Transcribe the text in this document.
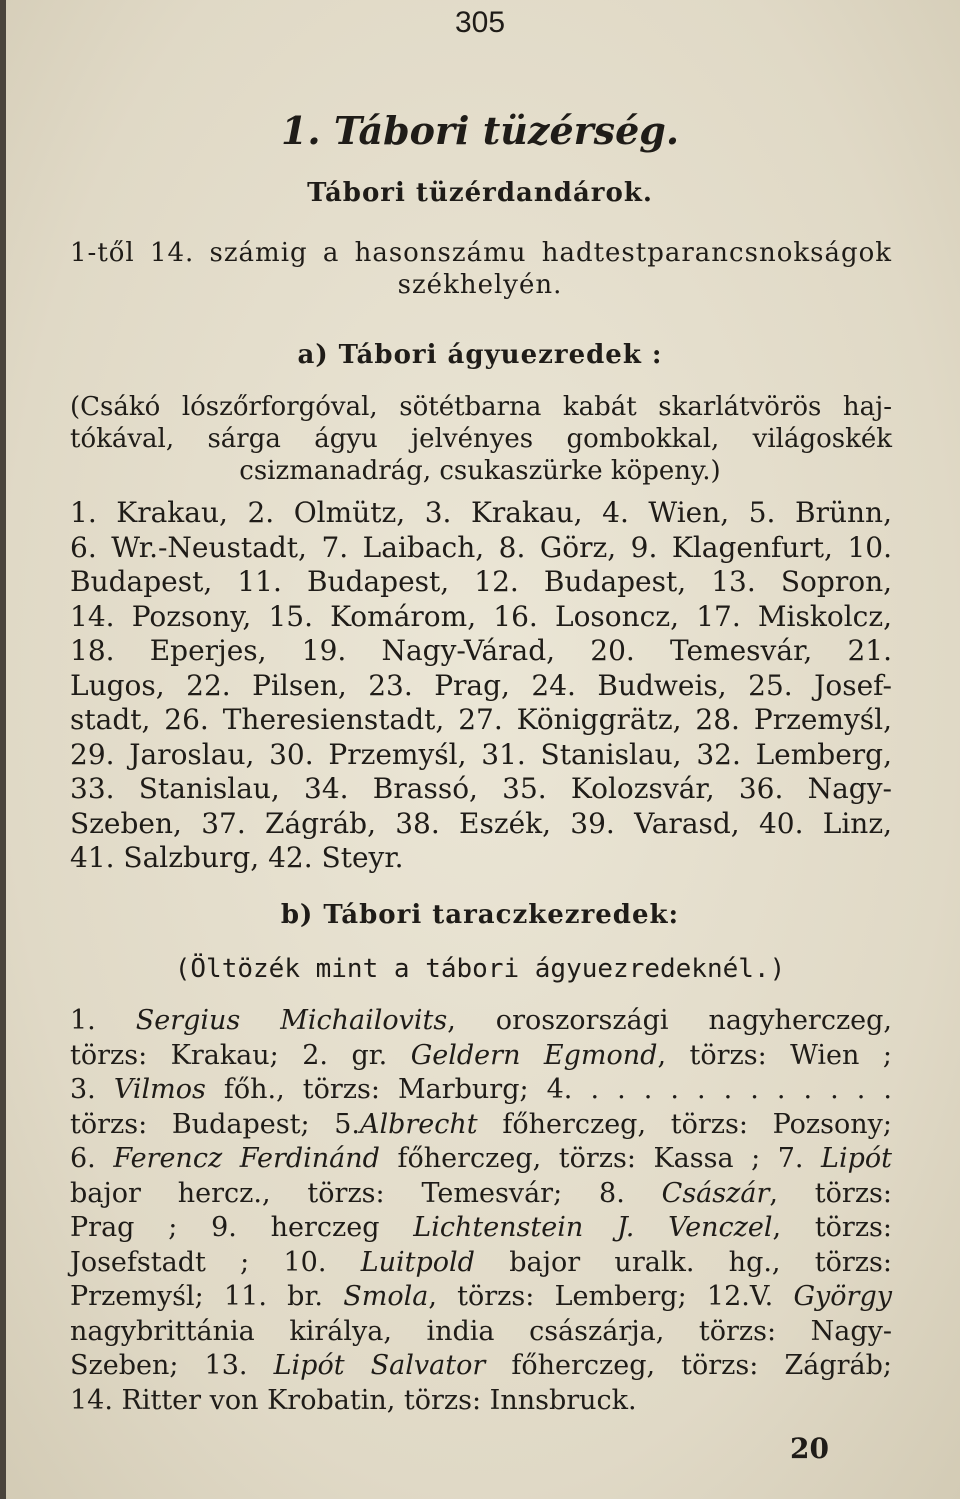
305
1. Tábori tüzérség.
Tábori tüzérdandárok.
1-től 14. számig a hasonszámu hadtestparancsnokságok
székhelyén.
a) Tábori ágyuezredek :
(Csákó lószőrforgóval, sötétbarna kabát skarlátvörös haj-
tókával, sárga ágyu jelvényes gombokkal, világoskék
csizmanadrág, csukaszürke köpeny.)
1. Krakau, 2. Olmütz, 3. Krakau, 4. Wien, 5. Brünn,
6. Wr.-Neustadt, 7. Laibach, 8. Görz, 9. Klagenfurt, 10.
Budapest, 11. Budapest, 12. Budapest, 13. Sopron,
14. Pozsony, 15. Komárom, 16. Losoncz, 17. Miskolcz,
18. Eperjes, 19. Nagy-Várad, 20. Temesvár, 21.
Lugos, 22. Pilsen, 23. Prag, 24. Budweis, 25. Josef-
stadt, 26. Theresienstadt, 27. Königgrätz, 28. Przemyśl,
29. Jaroslau, 30. Przemyśl, 31. Stanislau, 32. Lemberg,
33. Stanislau, 34. Brassó, 35. Kolozsvár, 36. Nagy-
Szeben, 37. Zágráb, 38. Eszék, 39. Varasd, 40. Linz,
41. Salzburg, 42. Steyr.
b) Tábori taraczkezredek:
(Öltözék mint a tábori ágyuezredeknél.)
1. Sergius Michailovits, oroszországi nagyherczeg,
törzs: Krakau; 2. gr. Geldern Egmond, törzs: Wien ;
3. Vilmos főh., törzs: Marburg; 4. . . . . . . . . . . . .
törzs: Budapest; 5.Albrecht főherczeg, törzs: Pozsony;
6. Ferencz Ferdinánd főherczeg, törzs: Kassa ; 7. Lipót
bajor hercz., törzs: Temesvár; 8. Császár, törzs:
Prag ; 9. herczeg Lichtenstein J. Venczel, törzs:
Josefstadt ; 10. Luitpold bajor uralk. hg., törzs:
Przemyśl; 11. br. Smola, törzs: Lemberg; 12.V. György
nagybrittánia királya, india császárja, törzs: Nagy-
Szeben; 13. Lipót Salvator főherczeg, törzs: Zágráb;
14. Ritter von Krobatin, törzs: Innsbruck.
20
